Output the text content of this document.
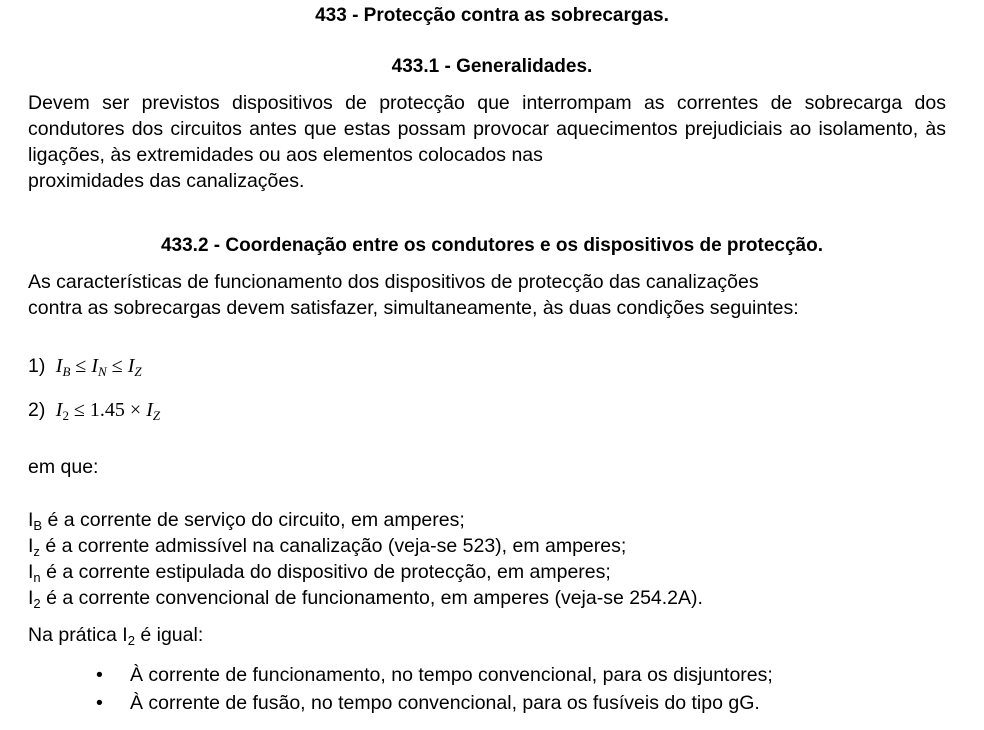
433 - Protecção contra as sobrecargas.
433.1 - Generalidades.
Devem ser previstos dispositivos de protecção que interrompam as correntes de sobrecarga dos condutores dos circuitos antes que estas possam provocar aquecimentos prejudiciais ao isolamento, às ligações, às extremidades ou aos elementos colocados nas
proximidades das canalizações.
433.2 - Coordenação entre os condutores e os dispositivos de protecção.
As características de funcionamento dos dispositivos de protecção das canalizações
contra as sobrecargas devem satisfazer, simultaneamente, às duas condições seguintes:
1) $I_B \le I_N \le I_Z$
2) $I_2 \le 1.45 \times I_Z$
em que:
$I_B$ é a corrente de serviço do circuito, em amperes;
$I_z$ é a corrente admissível na canalização (veja-se 523), em amperes;
$I_n$ é a corrente estipulada do dispositivo de protecção, em amperes;
$I_2$ é a corrente convencional de funcionamento, em amperes (veja-se 254.2A).
Na prática $I_2$ é igual:
• À corrente de funcionamento, no tempo convencional, para os disjuntores;
• À corrente de fusão, no tempo convencional, para os fusíveis do tipo gG.
